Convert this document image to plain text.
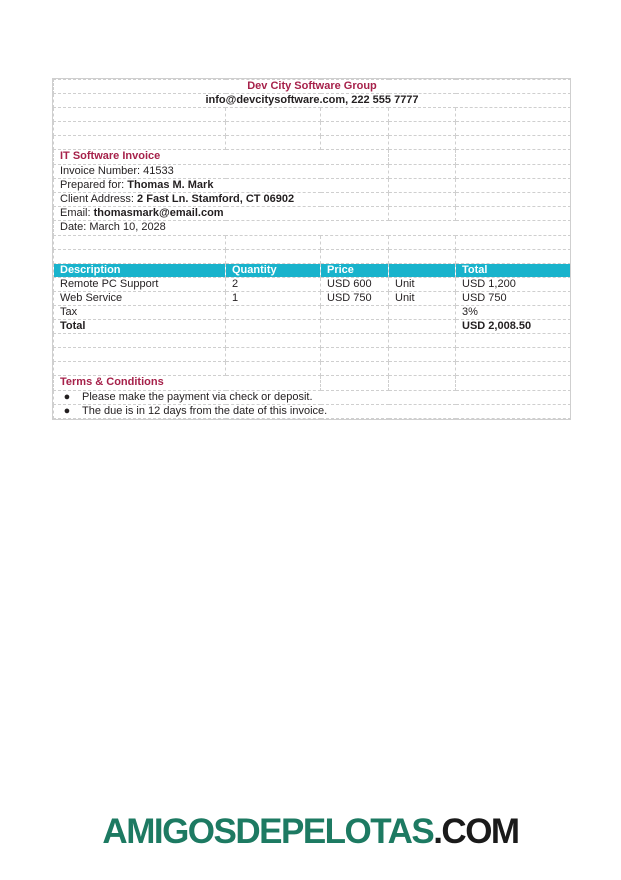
Dev City Software Group				
info@devcitysoftware.com, 222 555 7777				

IT Software Invoice				
Invoice Number: 41533				
Prepared for: Thomas M. Mark				
Client Address: 2 Fast Ln. Stamford, CT 06902				
Email: thomasmark@email.com				
Date: March 10, 2028				

Description	Quantity	Price		Total
Remote PC Support	2	USD 600	Unit	USD 1,200
Web Service	1	USD 750	Unit	USD 750
Tax				3%
Total				USD 2,008.50

Terms & Conditions				
● Please make the payment via check or deposit.				
● The due is in 12 days from the date of this invoice.				
AMIGOSDEPELOTAS.COM
